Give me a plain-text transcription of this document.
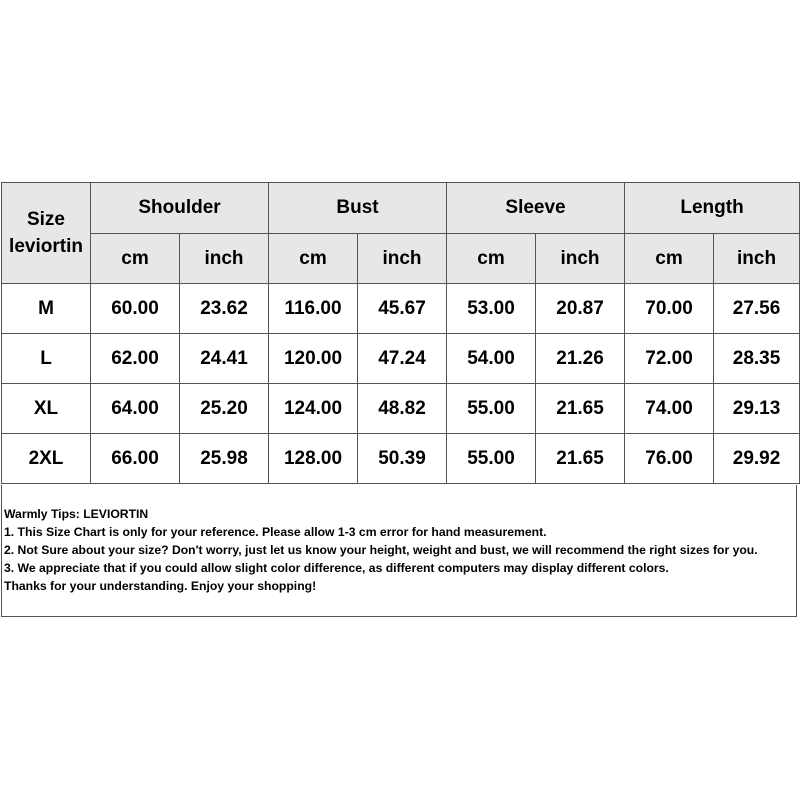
Size
leviortin	Shoulder		Bust		Sleeve		Length	
	cm	inch	cm	inch	cm	inch	cm	inch
M	60.00	23.62	116.00	45.67	53.00	20.87	70.00	27.56
L	62.00	24.41	120.00	47.24	54.00	21.26	72.00	28.35
XL	64.00	25.20	124.00	48.82	55.00	21.65	74.00	29.13
2XL	66.00	25.98	128.00	50.39	55.00	21.65	76.00	29.92
Warmly Tips: LEVIORTIN
1. This Size Chart is only for your reference. Please allow 1-3 cm error for hand measurement.
2. Not Sure about your size? Don't worry, just let us know your height, weight and bust, we will recommend the right sizes for you.
3. We appreciate that if you could allow slight color difference, as different computers may display different colors.
Thanks for your understanding. Enjoy your shopping!
